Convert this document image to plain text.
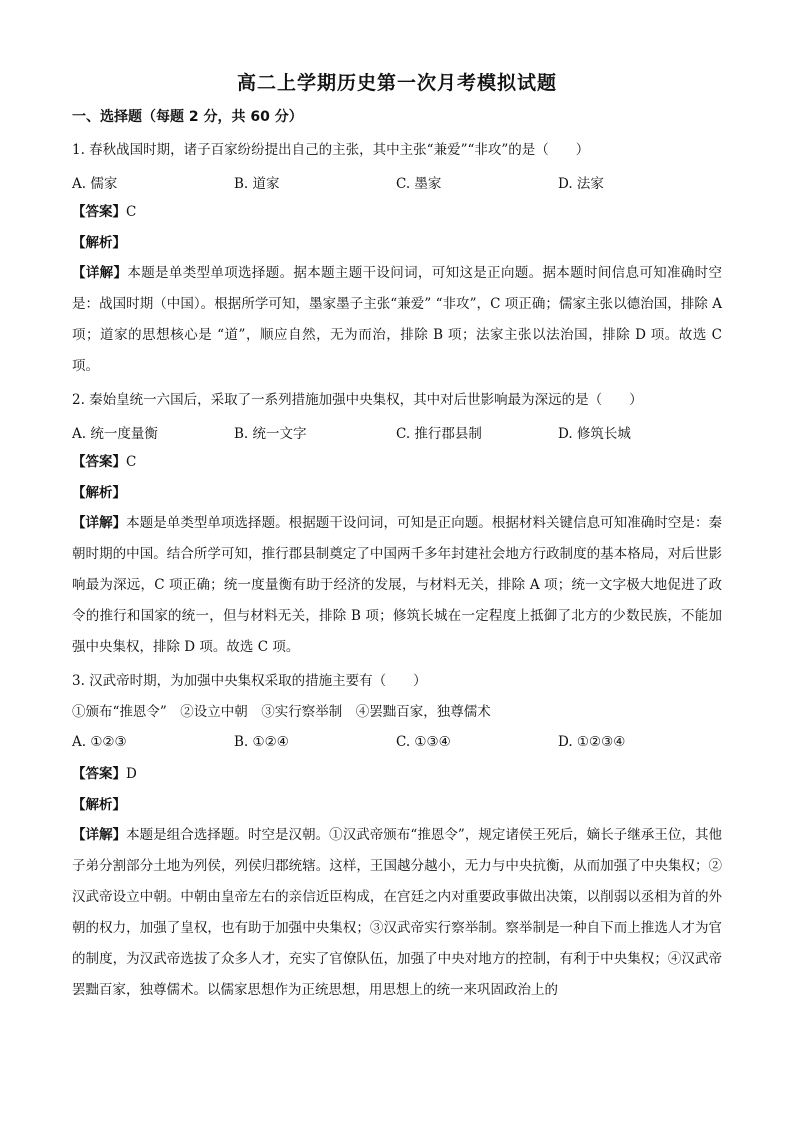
高二上学期历史第一次月考模拟试题
一、选择题（每题 2 分，共 60 分）
1. 春秋战国时期，诸子百家纷纷提出自己的主张，其中主张“兼爱”“非攻”的是（　　）
A. 儒家	B. 道家	C. 墨家	D. 法家
【答案】C
【解析】
【详解】本题是单类型单项选择题。据本题主题干设问词，可知这是正向题。据本题时间信息可知准确时空是：战国时期（中国）。根据所学可知，墨家墨子主张“兼爱” “非攻”，C 项正确；儒家主张以德治国，排除 A 项；道家的思想核心是 “道”，顺应自然，无为而治，排除 B 项；法家主张以法治国，排除 D 项。故选 C 项。
2. 秦始皇统一六国后，采取了一系列措施加强中央集权，其中对后世影响最为深远的是（　　）
A. 统一度量衡	B. 统一文字	C. 推行郡县制	D. 修筑长城
【答案】C
【解析】
【详解】本题是单类型单项选择题。根据题干设问词，可知是正向题。根据材料关键信息可知准确时空是：秦朝时期的中国。结合所学可知，推行郡县制奠定了中国两千多年封建社会地方行政制度的基本格局，对后世影响最为深远，C 项正确；统一度量衡有助于经济的发展，与材料无关，排除 A 项；统一文字极大地促进了政令的推行和国家的统一，但与材料无关，排除 B 项；修筑长城在一定程度上抵御了北方的少数民族，不能加强中央集权，排除 D 项。故选 C 项。
3. 汉武帝时期，为加强中央集权采取的措施主要有（　　）
①颁布“推恩令”　②设立中朝　③实行察举制　④罢黜百家，独尊儒术
A. ①②③	B. ①②④	C. ①③④	D. ①②③④
【答案】D
【解析】
【详解】本题是组合选择题。时空是汉朝。①汉武帝颁布“推恩令”，规定诸侯王死后，嫡长子继承王位，其他子弟分割部分土地为列侯，列侯归郡统辖。这样，王国越分越小，无力与中央抗衡，从而加强了中央集权；②汉武帝设立中朝。中朝由皇帝左右的亲信近臣构成，在宫廷之内对重要政事做出决策，以削弱以丞相为首的外朝的权力，加强了皇权，也有助于加强中央集权；③汉武帝实行察举制。察举制是一种自下而上推选人才为官的制度，为汉武帝选拔了众多人才，充实了官僚队伍，加强了中央对地方的控制，有利于中央集权；④汉武帝罢黜百家，独尊儒术。以儒家思想作为正统思想，用思想上的统一来巩固政治上的
